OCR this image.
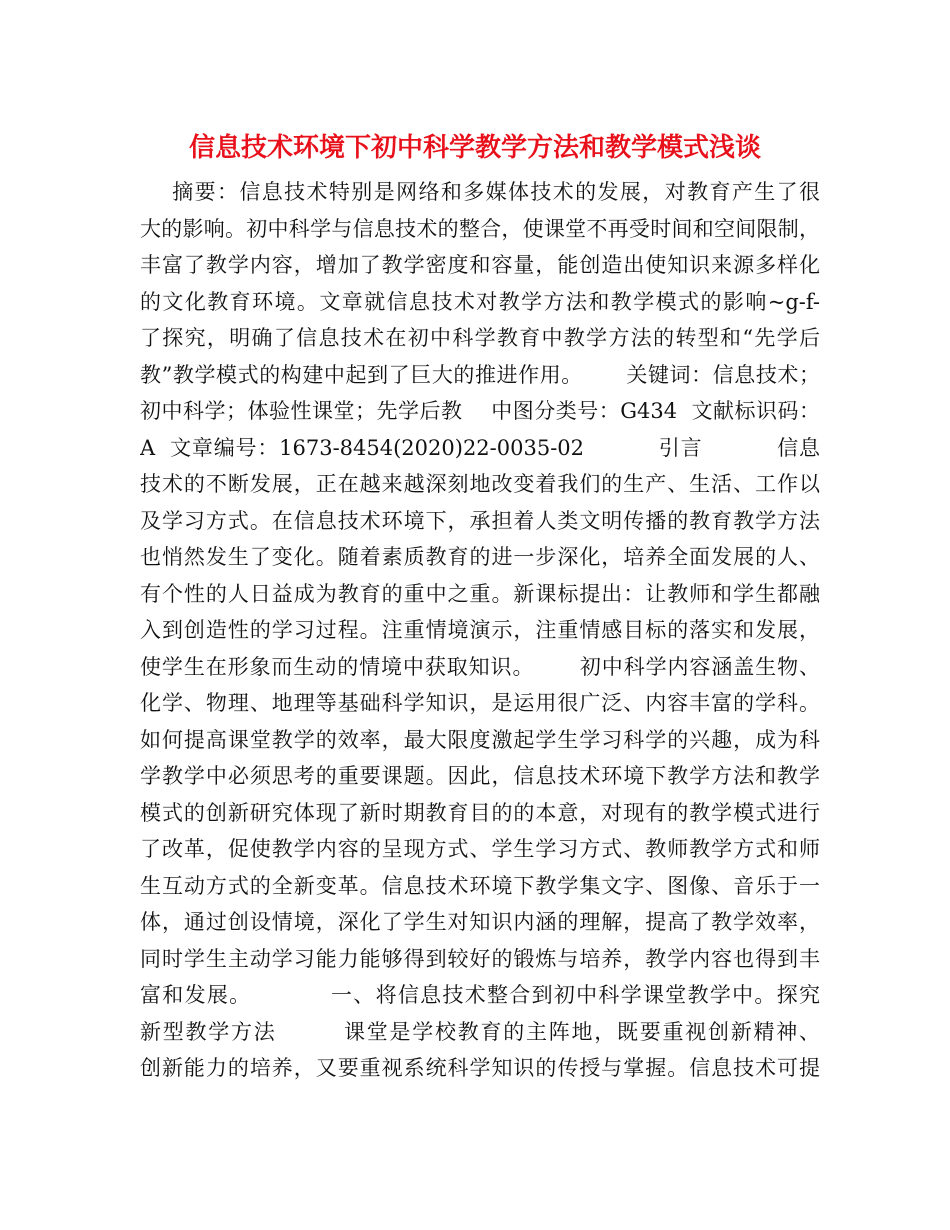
信息技术环境下初中科学教学方法和教学模式浅谈
摘要：信息技术特别是网络和多媒体技术的发展，对教育产生了很
大的影响。初中科学与信息技术的整合，使课堂不再受时间和空间限制，
丰富了教学内容，增加了教学密度和容量，能创造出使知识来源多样化
的文化教育环境。文章就信息技术对教学方法和教学模式的影响~g-f-
了探究，明确了信息技术在初中科学教育中教学方法的转型和“先学后
教”教学模式的构建中起到了巨大的推进作用。      关键词：信息技术；
初中科学；体验性课堂；先学后教    中图分类号：G434  文献标识码：
A  文章编号：1673-8454(2020)22-0035-02          引言          信息
技术的不断发展，正在越来越深刻地改变着我们的生产、生活、工作以
及学习方式。在信息技术环境下，承担着人类文明传播的教育教学方法
也悄然发生了变化。随着素质教育的进一步深化，培养全面发展的人、
有个性的人日益成为教育的重中之重。新课标提出：让教师和学生都融
入到创造性的学习过程。注重情境演示，注重情感目标的落实和发展，
使学生在形象而生动的情境中获取知识。      初中科学内容涵盖生物、
化学、物理、地理等基础科学知识，是运用很广泛、内容丰富的学科。
如何提高课堂教学的效率，最大限度激起学生学习科学的兴趣，成为科
学教学中必须思考的重要课题。因此，信息技术环境下教学方法和教学
模式的创新研究体现了新时期教育目的的本意，对现有的教学模式进行
了改革，促使教学内容的呈现方式、学生学习方式、教师教学方式和师
生互动方式的全新变革。信息技术环境下教学集文字、图像、音乐于一
体，通过创设情境，深化了学生对知识内涵的理解，提高了教学效率，
同时学生主动学习能力能够得到较好的锻炼与培养，教学内容也得到丰
富和发展。          一、将信息技术整合到初中科学课堂教学中。探究
新型教学方法        课堂是学校教育的主阵地，既要重视创新精神、
创新能力的培养，又要重视系统科学知识的传授与掌握。信息技术可提
